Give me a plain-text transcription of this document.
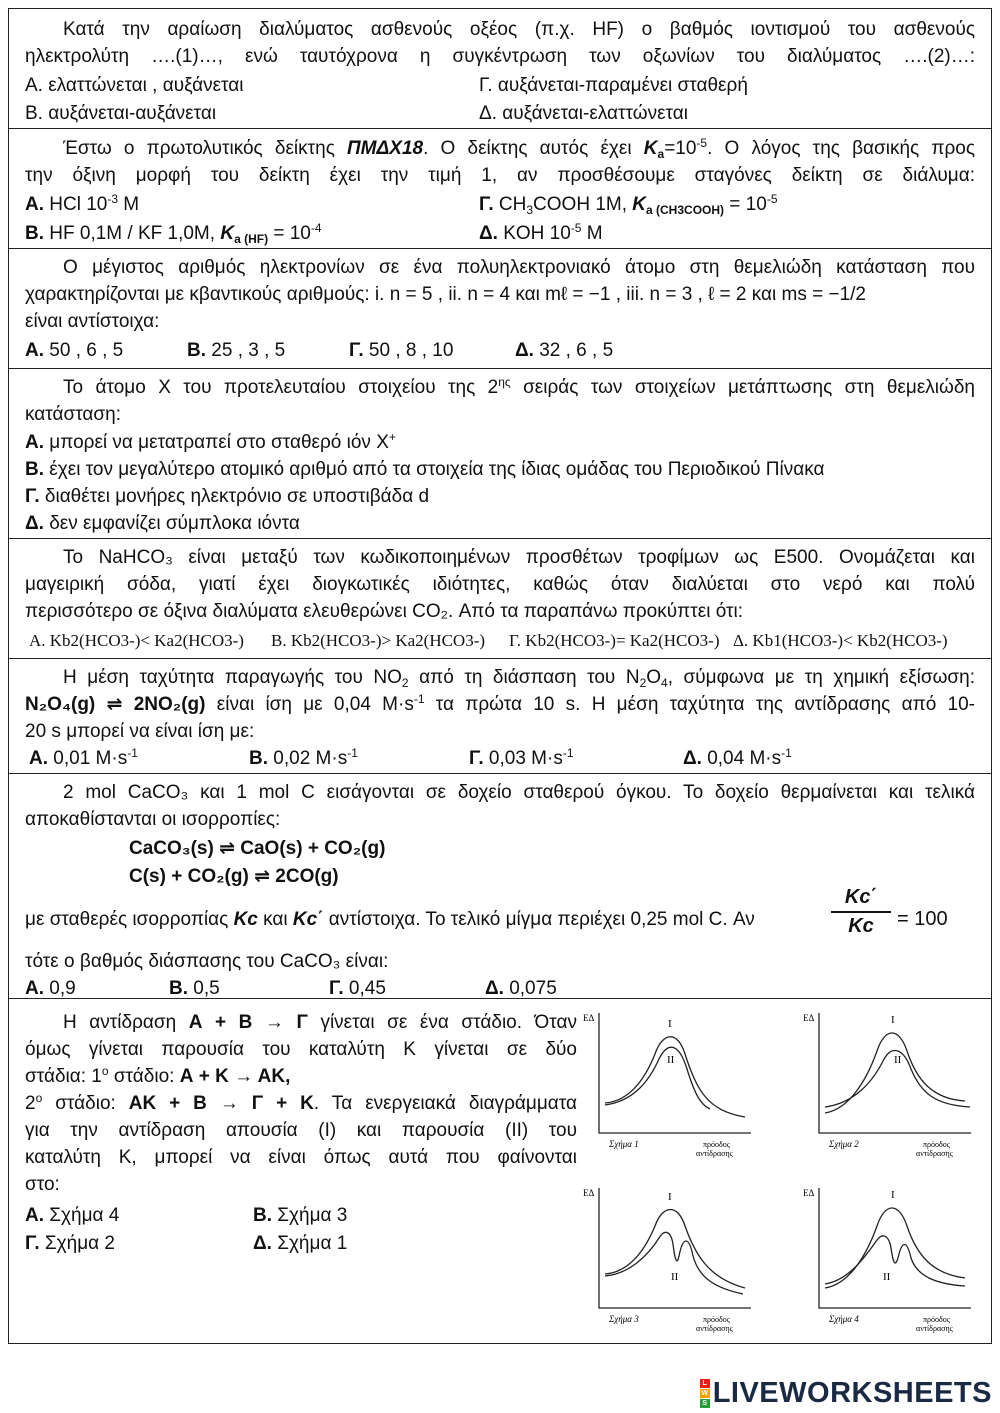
Κατά την αραίωση διαλύματος ασθενούς οξέος (π.χ. HF) ο βαθμός ιοντισμού του ασθενούς
ηλεκτρολύτη ….(1)…, ενώ ταυτόχρονα η συγκέντρωση των οξωνίων του διαλύματος ….(2)…:
Α. ελαττώνεται , αυξάνεται	Γ. αυξάνεται-παραμένει σταθερή
Β. αυξάνεται-αυξάνεται	Δ. αυξάνεται-ελαττώνεται
Έστω ο πρωτολυτικός δείκτης ΠΜΔΧ18. Ο δείκτης αυτός έχει $K_a=10^{-5}$. Ο λόγος της βασικής προς
την όξινη μορφή του δείκτη έχει την τιμή 1, αν προσθέσουμε σταγόνες δείκτη σε διάλυμα:
Α. HCl $10^{-3}$ M	Γ. $CH_3COOH$ 1M, $K_{a (CH3COOH)} = 10^{-5}$
Β. HF 0,1M / KF 1,0M, $K_{a (HF)} = 10^{-4}$	Δ. KOH $10^{-5}$ M
Ο μέγιστος αριθμός ηλεκτρονίων σε ένα πολυηλεκτρονιακό άτομο στη θεμελιώδη κατάσταση που
χαρακτηρίζονται με κβαντικούς αριθμούς: i. n = 5 , ii. n = 4 και mℓ = −1 , iii. n = 3 , ℓ = 2 και ms = −1/2
είναι αντίστοιχα:
Α. 50 , 6 , 5	Β. 25 , 3 , 5	Γ. 50 , 8 , 10	Δ. 32 , 6 , 5
Το άτομο Χ του προτελευταίου στοιχείου της $2^{\eta\varsigma}$ σειράς των στοιχείων μετάπτωσης στη θεμελιώδη
κατάσταση:
Α. μπορεί να μετατραπεί στο σταθερό ιόν Χ+
Β. έχει τον μεγαλύτερο ατομικό αριθμό από τα στοιχεία της ίδιας ομάδας του Περιοδικού Πίνακα
Γ. διαθέτει μονήρες ηλεκτρόνιο σε υποστιβάδα d
Δ. δεν εμφανίζει σύμπλοκα ιόντα
Το NaHCO₃ είναι μεταξύ των κωδικοποιημένων προσθέτων τροφίμων ως Ε500. Ονομάζεται και
μαγειρική σόδα, γιατί έχει διογκωτικές ιδιότητες, καθώς όταν διαλύεται στο νερό και πολύ
περισσότερο σε όξινα διαλύματα ελευθερώνει CO₂. Από τα παραπάνω προκύπτει ότι:
Α. Kb2(HCO3-)< Ka2(HCO3-) Β. Kb2(HCO3-)> Ka2(HCO3-) Γ. Kb2(HCO3-)= Ka2(HCO3-) Δ. Kb1(HCO3-)< Kb2(HCO3-)
Η μέση ταχύτητα παραγωγής του $NO_2$ από τη διάσπαση του $N_2O_4$, σύμφωνα με τη χημική εξίσωση:
N₂O₄(g) ⇌ 2NO₂(g) είναι ίση με 0,04 $M\cdot s^{-1}$ τα πρώτα 10 s. Η μέση ταχύτητα της αντίδρασης από 10-
20 s μπορεί να είναι ίση με:
Α. 0,01 $M\cdot s^{-1}$	Β. 0,02 $M\cdot s^{-1}$	Γ. 0,03 $M\cdot s^{-1}$	Δ. 0,04 $M\cdot s^{-1}$
2 mol CaCO₃ και 1 mol C εισάγονται σε δοχείο σταθερού όγκου. Το δοχείο θερμαίνεται και τελικά
αποκαθίστανται οι ισορροπίες:
CaCO₃(s) ⇌ CaO(s) + CO₂(g)
C(s) + CO₂(g) ⇌ 2CO(g)
με σταθερές ισορροπίας Kc και Kc΄ αντίστοιχα. Το τελικό μίγμα περιέχει 0,25 mol C. Αν	$\frac{Kc΄}{Kc} = 100$
τότε ο βαθμός διάσπασης του CaCO₃ είναι:
Α. 0,9	Β. 0,5	Γ. 0,45	Δ. 0,075
Η αντίδραση Α + Β → Γ γίνεται σε ένα στάδιο. Όταν
όμως γίνεται παρουσία του καταλύτη Κ γίνεται σε δύο
στάδια: $1^o$ στάδιο: Α + Κ → ΑΚ,
$2^o$ στάδιο: ΑΚ + Β → Γ + Κ. Τα ενεργειακά διαγράμματα
για την αντίδραση απουσία (Ι) και παρουσία (ΙΙ) του
καταλύτη Κ, μπορεί να είναι όπως αυτά που φαίνονται
στο:
Α. Σχήμα 4	Β. Σχήμα 3
Γ. Σχήμα 2	Δ. Σχήμα 1
EΔ	Ι
ΙΙ
Σχήμα 1	πρόοδος
αντίδρασης
EΔ	Ι
ΙΙ
Σχήμα 2	πρόοδος
αντίδρασης
EΔ	Ι
ΙΙ
Σχήμα 3	πρόοδος
αντίδρασης
EΔ	Ι
ΙΙ
Σχήμα 4	πρόοδος
αντίδρασης
L
W
S LIVEWORKSHEETS
